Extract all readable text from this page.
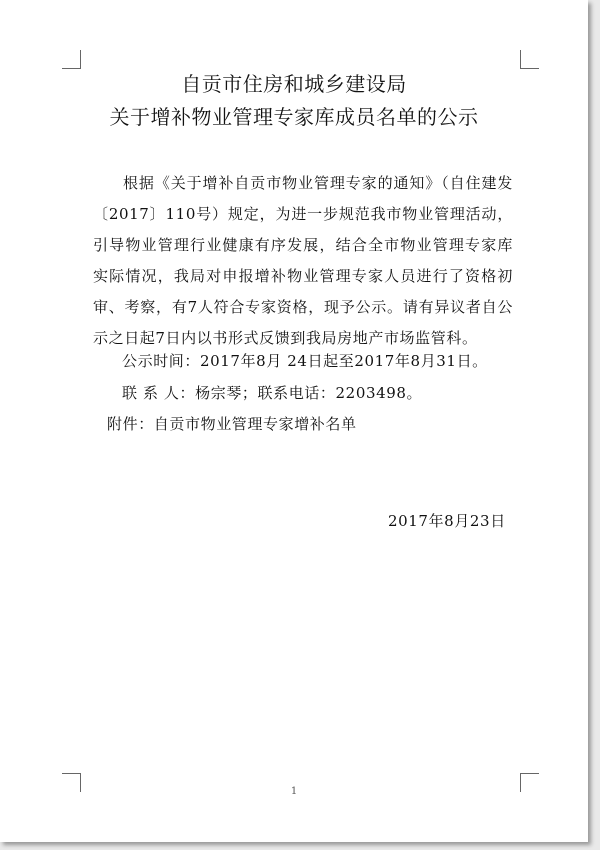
自贡市住房和城乡建设局
关于增补物业管理专家库成员名单的公示

根据《关于增补自贡市物业管理专家的通知》（自住建发〔2017〕110号）规定，为进一步规范我市物业管理活动，引导物业管理行业健康有序发展，结合全市物业管理专家库实际情况，我局对申报增补物业管理专家人员进行了资格初审、考察，有7人符合专家资格，现予公示。请有异议者自公示之日起7日内以书形式反馈到我局房地产市场监管科。

公示时间：2017年8月 24日起至2017年8月31日。
联 系 人：杨宗琴；联系电话：2203498。
附件：自贡市物业管理专家增补名单
2017年8月23日
1
